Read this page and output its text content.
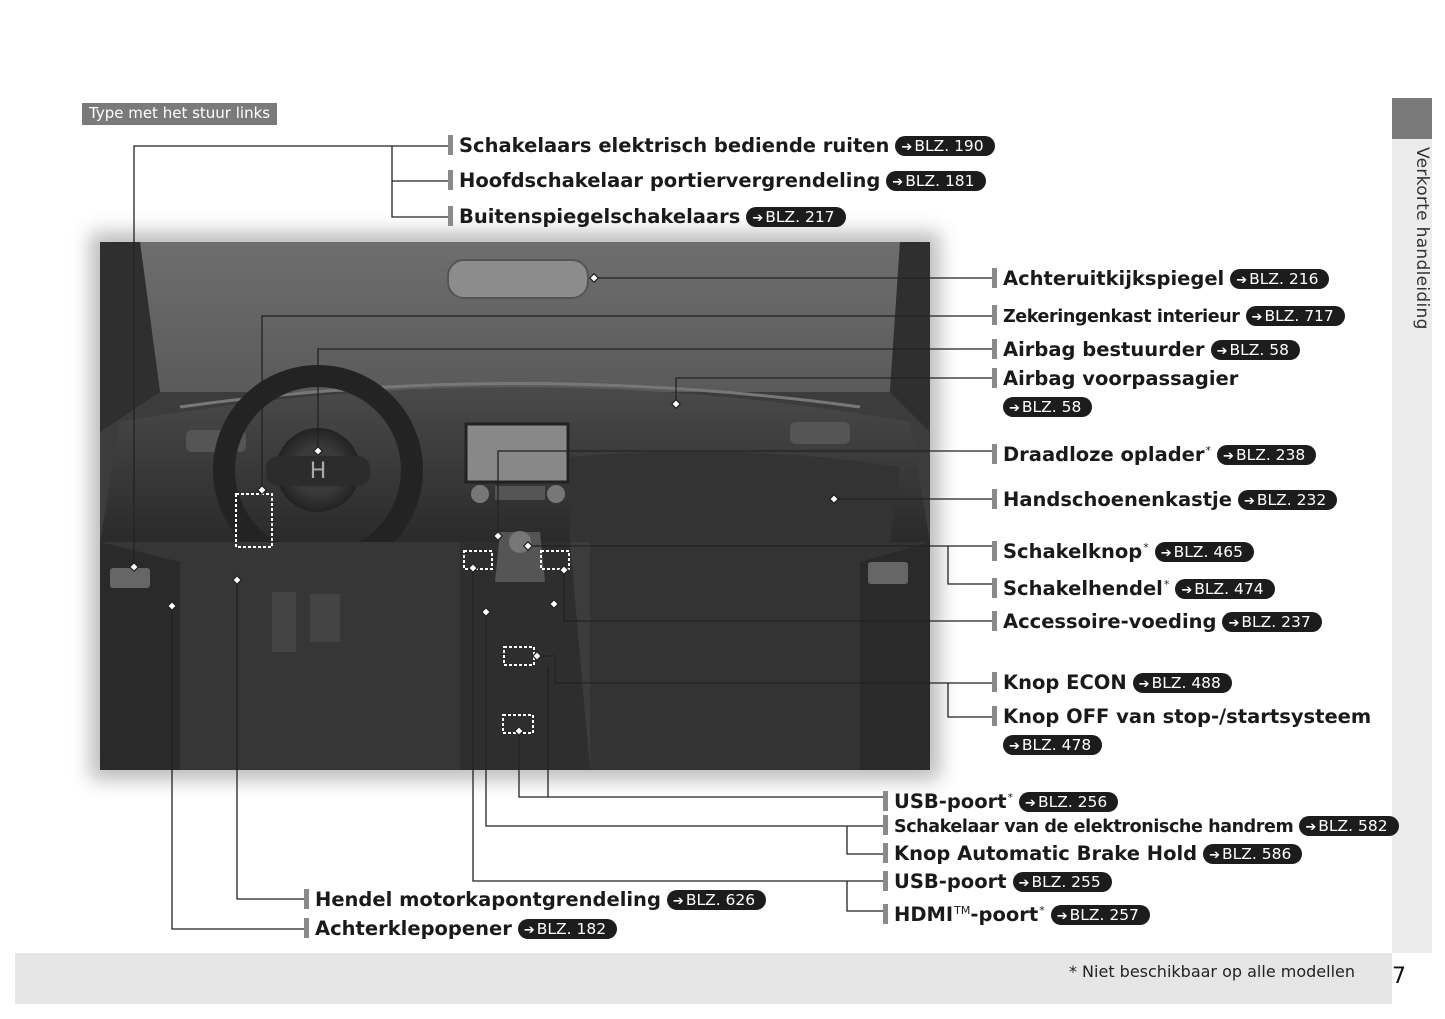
Type met het stuur links
Verkorte handleiding
* Niet beschikbaar op alle modellen 7
H
Schakelaars elektrisch bediende ruiten ➔ BLZ. 190
Hoofdschakelaar portiervergrendeling ➔ BLZ. 181
Buitenspiegelschakelaars ➔ BLZ. 217
Achteruitkijkspiegel ➔ BLZ. 216
Zekeringenkast interieur ➔ BLZ. 717
Airbag bestuurder ➔ BLZ. 58
Airbag voorpassagier
➔ BLZ. 58
Draadloze oplader* ➔ BLZ. 238
Handschoenenkastje ➔ BLZ. 232
Schakelknop* ➔ BLZ. 465
Schakelhendel* ➔ BLZ. 474
Accessoire-voeding ➔ BLZ. 237
Knop ECON ➔ BLZ. 488
Knop OFF van stop-/startsysteem
➔ BLZ. 478
USB-poort* ➔ BLZ. 256
Schakelaar van de elektronische handrem ➔ BLZ. 582
Knop Automatic Brake Hold ➔ BLZ. 586
USB-poort ➔ BLZ. 255
HDMI™-poort* ➔ BLZ. 257
Hendel motorkapontgrendeling ➔ BLZ. 626
Achterklepopener ➔ BLZ. 182
